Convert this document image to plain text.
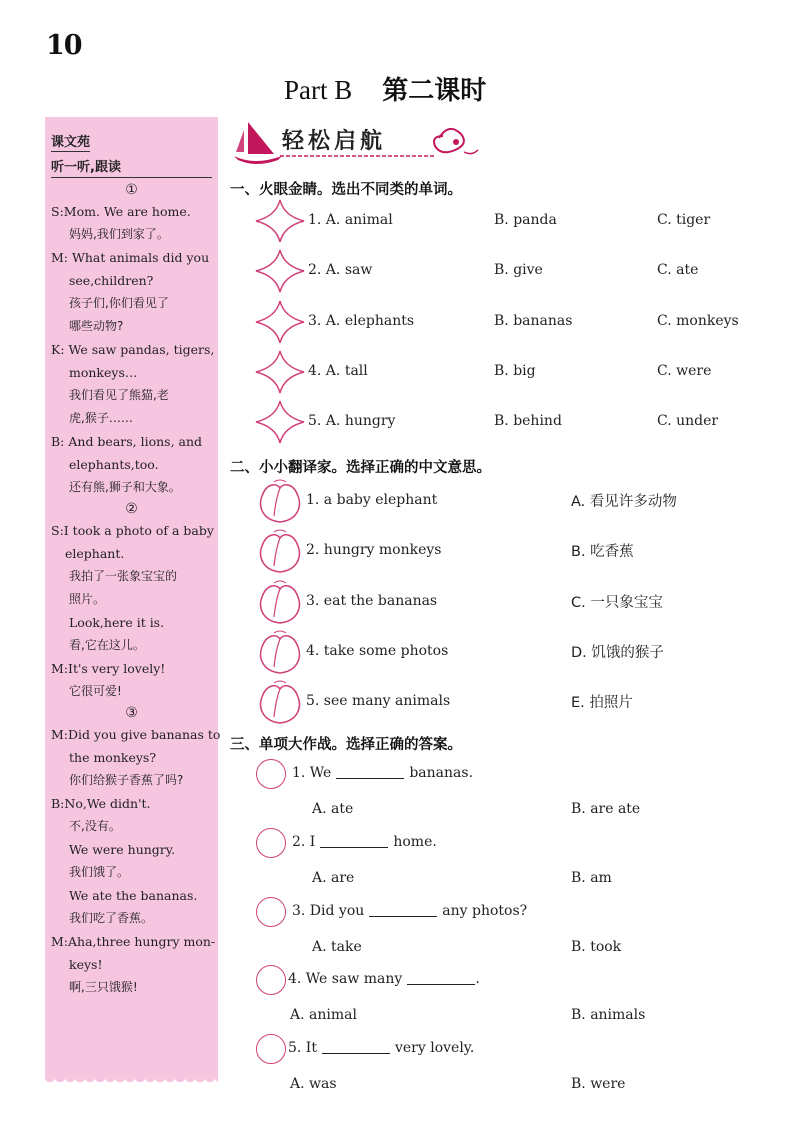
10
Part B 第二课时
课文苑
听一听,跟读
①
S:Mom. We are home.
妈妈,我们到家了。
M: What animals did you
see,children?
孩子们,你们看见了
哪些动物?
K: We saw pandas, tigers,
monkeys…
我们看见了熊猫,老
虎,猴子……
B: And bears, lions, and
elephants,too.
还有熊,狮子和大象。
②
S:I took a photo of a baby
elephant.
我拍了一张象宝宝的
照片。
Look,here it is.
看,它在这儿。
M:It's very lovely!
它很可爱!
③
M:Did you give bananas to
the monkeys?
你们给猴子香蕉了吗?
B:No,We didn't.
不,没有。
We were hungry.
我们饿了。
We ate the bananas.
我们吃了香蕉。
M:Aha,three hungry mon-
keys!
啊,三只饿猴!
轻松启航
一、火眼金睛。选出不同类的单词。
1. A. animal	B. panda	C. tiger
2. A. saw	B. give	C. ate
3. A. elephants	B. bananas	C. monkeys
4. A. tall	B. big	C. were
5. A. hungry	B. behind	C. under
二、小小翻译家。选择正确的中文意思。
1. a baby elephant	A. 看见许多动物
2. hungry monkeys	B. 吃香蕉
3. eat the bananas	C. 一只象宝宝
4. take some photos	D. 饥饿的猴子
5. see many animals	E. 拍照片
三、单项大作战。选择正确的答案。
1. We	bananas.
A. ate	B. are ate
2. I	home.
A. are	B. am
3. Did you	any photos?
A. take	B. took
4. We saw many	.
A. animal	B. animals
5. It	very lovely.
A. was	B. were
